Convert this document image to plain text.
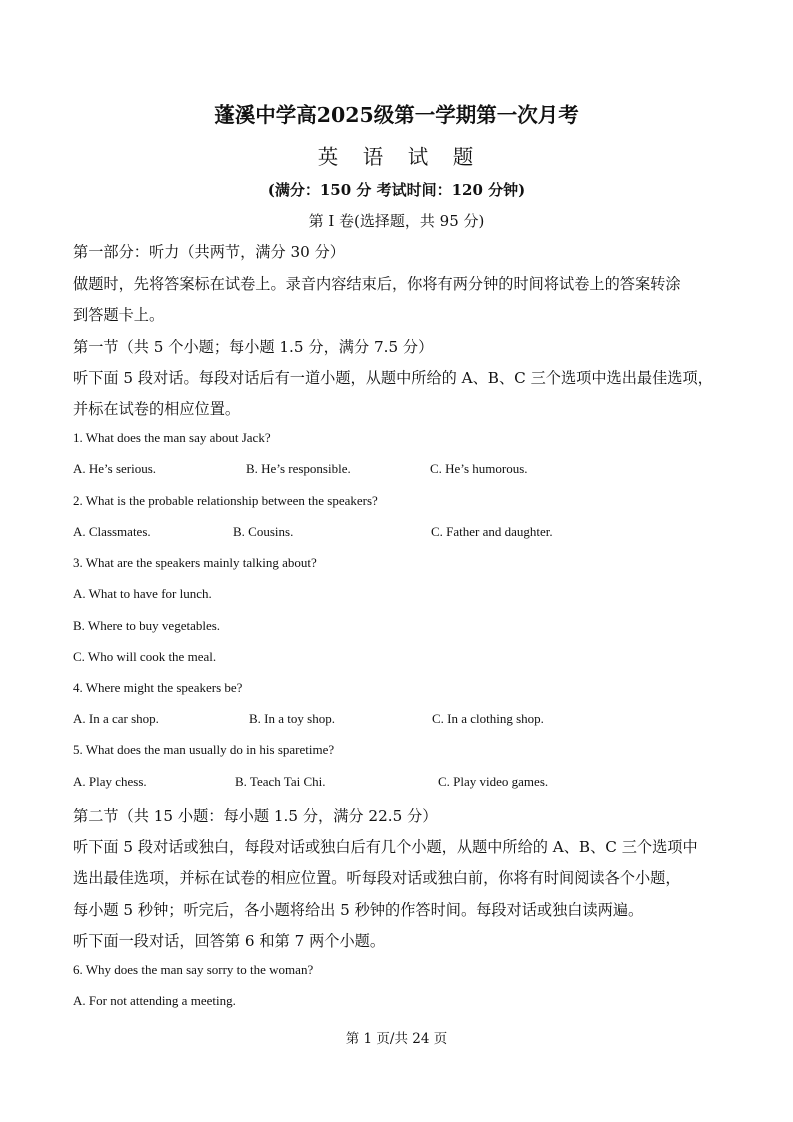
蓬溪中学高2025级第一学期第一次月考
英　语　试　题
(满分：150 分 考试时间：120 分钟)
第 I 卷(选择题，共 95 分)
第一部分：听力（共两节，满分 30 分）
做题时，先将答案标在试卷上。录音内容结束后，你将有两分钟的时间将试卷上的答案转涂
到答题卡上。
第一节（共 5 个小题；每小题 1.5 分，满分 7.5 分）
听下面 5 段对话。每段对话后有一道小题，从题中所给的 A、B、C 三个选项中选出最佳选项，
并标在试卷的相应位置。
1. What does the man say about Jack?
A. He’s serious.	B. He’s responsible.	C. He’s humorous.
2. What is the probable relationship between the speakers?
A. Classmates.	B. Cousins.	C. Father and daughter.
3. What are the speakers mainly talking about?
A. What to have for lunch.
B. Where to buy vegetables.
C. Who will cook the meal.
4. Where might the speakers be?
A. In a car shop.	B. In a toy shop.	C. In a clothing shop.
5. What does the man usually do in his sparetime?
A. Play chess.	B. Teach Tai Chi.	C. Play video games.
第二节（共 15 小题：每小题 1.5 分，满分 22.5 分）
听下面 5 段对话或独白，每段对话或独白后有几个小题，从题中所给的 A、B、C 三个选项中
选出最佳选项，并标在试卷的相应位置。听每段对话或独白前，你将有时间阅读各个小题，
每小题 5 秒钟；听完后，各小题将给出 5 秒钟的作答时间。每段对话或独白读两遍。
听下面一段对话，回答第 6 和第 7 两个小题。
6. Why does the man say sorry to the woman?
A. For not attending a meeting.
第 1 页/共 24 页
